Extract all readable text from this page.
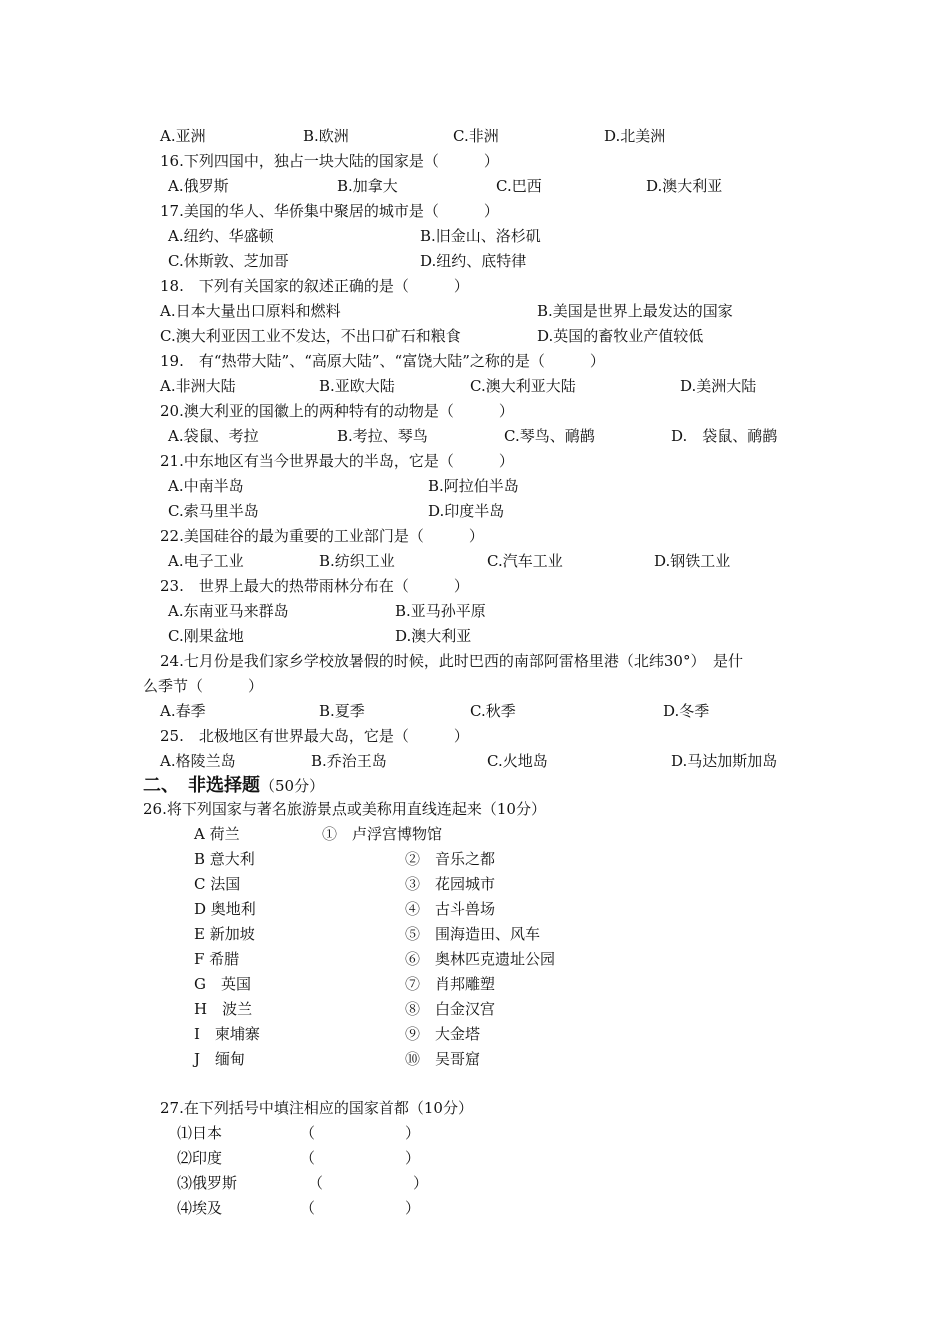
A.亚洲	B.欧洲	C.非洲	D.北美洲
16.下列四国中，独占一块大陆的国家是（　　　）
A.俄罗斯	B.加拿大	C.巴西	D.澳大利亚
17.美国的华人、华侨集中聚居的城市是（　　　）
A.纽约、华盛顿	B.旧金山、洛杉矶
C.休斯敦、芝加哥	D.纽约、底特律
18.　下列有关国家的叙述正确的是（　　　）
A.日本大量出口原料和燃料	B.美国是世界上最发达的国家
C.澳大利亚因工业不发达，不出口矿石和粮食	D.英国的畜牧业产值较低
19.　有“热带大陆”、“高原大陆”、“富饶大陆”之称的是（　　　）
A.非洲大陆	B.亚欧大陆	C.澳大利亚大陆	D.美洲大陆
20.澳大利亚的国徽上的两种特有的动物是（　　　）
A.袋鼠、考拉	B.考拉、琴鸟	C.琴鸟、鸸鹋	D.　袋鼠、鸸鹋
21.中东地区有当今世界最大的半岛，它是（　　　）
A.中南半岛	B.阿拉伯半岛
C.索马里半岛	D.印度半岛
22.美国硅谷的最为重要的工业部门是（　　　）
A.电子工业	B.纺织工业	C.汽车工业	D.钢铁工业
23.　世界上最大的热带雨林分布在（　　　）
A.东南亚马来群岛	B.亚马孙平原
C.刚果盆地	D.澳大利亚
24.七月份是我们家乡学校放暑假的时候，此时巴西的南部阿雷格里港（北纬30°）　是什
么季节（　　　）
A.春季	B.夏季	C.秋季	D.冬季
25.　北极地区有世界最大岛，它是（　　　）
A.格陵兰岛	B.乔治王岛	C.火地岛	D.马达加斯加岛
二、　非选择题（50分）
26.将下列国家与著名旅游景点或美称用直线连起来（10分）
A 荷兰	①　卢浮宫博物馆
B 意大利	②　音乐之都
C 法国	③　花园城市
D 奥地利	④　古斗兽场
E 新加坡	⑤　围海造田、风车
F 希腊	⑥　奥林匹克遗址公园
G　英国	⑦　肖邦雕塑
H　波兰	⑧　白金汉宫
I　柬埔寨	⑨　大金塔
J　缅甸	⑩　吴哥窟
27.在下列括号中填注相应的国家首都（10分）
⑴日本	（　　　　　　）
⑵印度	（　　　　　　）
⑶俄罗斯	（　　　　　　）
⑷埃及	（　　　　　　）
